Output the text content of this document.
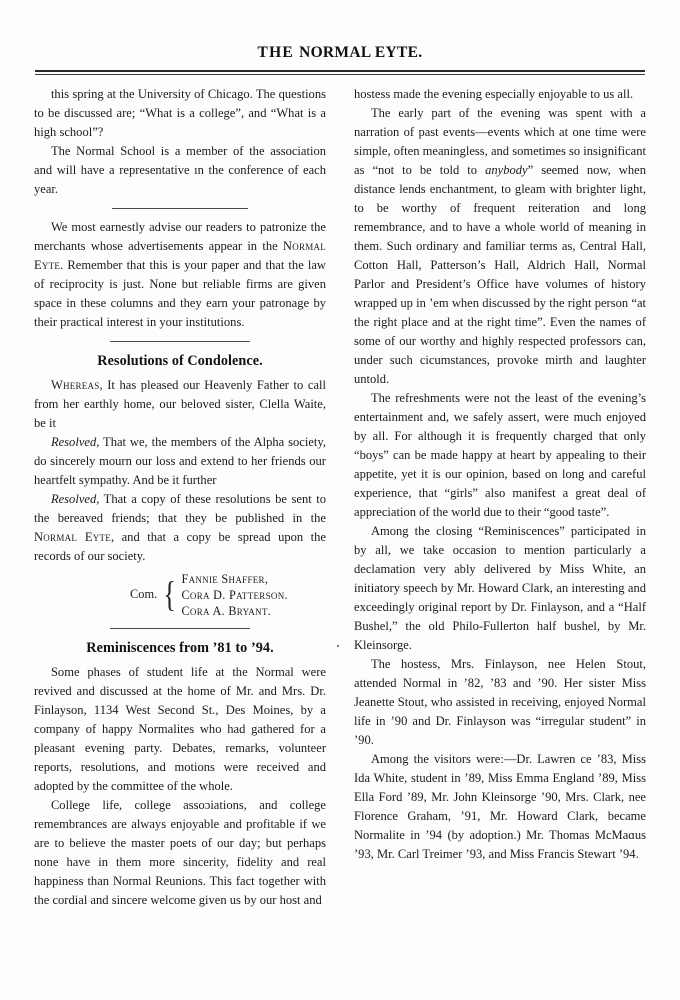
THE NORMAL EYTE.

this spring at the University of Chicago. The questions to be discussed are; “What is a college”, and “What is a high school”?

The Normal School is a member of the association and will have a representative ın the conference of each year.

We most earnestly advise our readers to patronize the merchants whose advertisements appear in the Normal Eyte. Remember that this is your paper and that the law of reciprocity is just. None but reliable firms are given space in these columns and they earn your patronage by their practical interest in your institutions.

Resolutions of Condolence.

Whereas, It has pleased our Heavenly Father to call from her earthly home, our beloved sister, Clella Waite, be it

Resolved, That we, the members of the Alpha society, do sincerely mourn our loss and extend to her friends our heartfelt sympathy. And be it further

Resolved, That a copy of these resolutions be sent to the bereaved friends; that they be published in the Normal Eyte, and that a copy be spread upon the records of our society.

Com. { Fannie Shaffer,
Cora D. Patterson.
Cora A. Bryant.
Reminiscences from ’81 to ’94.

Some phases of student life at the Normal were revived and discussed at the home of Mr. and Mrs. Dr. Finlayson, 1134 West Second St., Des Moines, by a company of happy Normalites who had gathered for a pleasant evening party. Debates, remarks, volunteer reports, resolutions, and motions were received and adopted by the committee of the whole.

College life, college assoɔiations, and college remembrances are always enjoyable and profitable if we are to believe the master poets of our day; but perhaps none have in them more sincerity, fidelity and real happiness than Normal Reunions. This fact together with the cordial and sincere welcome given us by our host and

hostess made the evening especially enjoyable to us all.

The early part of the evening was spent with a narration of past events—events which at one time were simple, often meaningless, and sometimes so insignificant as “not to be told to anybody” seemed now, when distance lends enchantment, to gleam with brighter light, to be worthy of frequent reiteration and long remembrance, and to have a whole world of meaning in them. Such ordinary and familiar terms as, Central Hall, Cotton Hall, Patterson’s Hall, Aldrich Hall, Normal Parlor and President’s Office have volumes of history wrapped up in ’em when discussed by the right person “at the right place and at the right time”. Even the names of some of our worthy and highly respected professors can, under such cicumstances, provoke mirth and laughter untold.

The refreshments were not the least of the evening’s entertainment and, we safely assert, were much enjoyed by all. For although it is frequently charged that only “boys” can be made happy at heart by appealing to their appetite, yet it is our opinion, based on long and careful experience, that “girls” also manifest a great deal of appreciation of the world due to their “good taste”.

Among the closing “Reminiscences” participated in by all, we take occasion to mention particularly a declamation very ably delivered by Miss White, an initiatory speech by Mr. Howard Clark, an interesting and exceedingly original report by Dr. Finlayson, and a “Half Bushel,” the old Philo-Fullerton half bushel, by Mr. Kleinsorge.

The hostess, Mrs. Finlayson, nee Helen Stout, attended Normal in ’82, ’83 and ’90. Her sister Miss Jeanette Stout, who assisted in receiving, enjoyed Normal life in ’90 and Dr. Finlayson was “irregular student” in ’90.

Among the visitors were:—Dr. Lawren ce ’83, Miss Ida White, student in ’89, Miss Emma England ’89, Miss Ella Ford ’89, Mr. John Kleinsorge ’90, Mrs. Clark, nee Florence Graham, ’91, Mr. Howard Clark, became Normalite in ’94 (by adoption.) Mr. Thomas McMaɑus ’93, Mr. Carl Treimer ’93, and Miss Francis Stewart ’94.
